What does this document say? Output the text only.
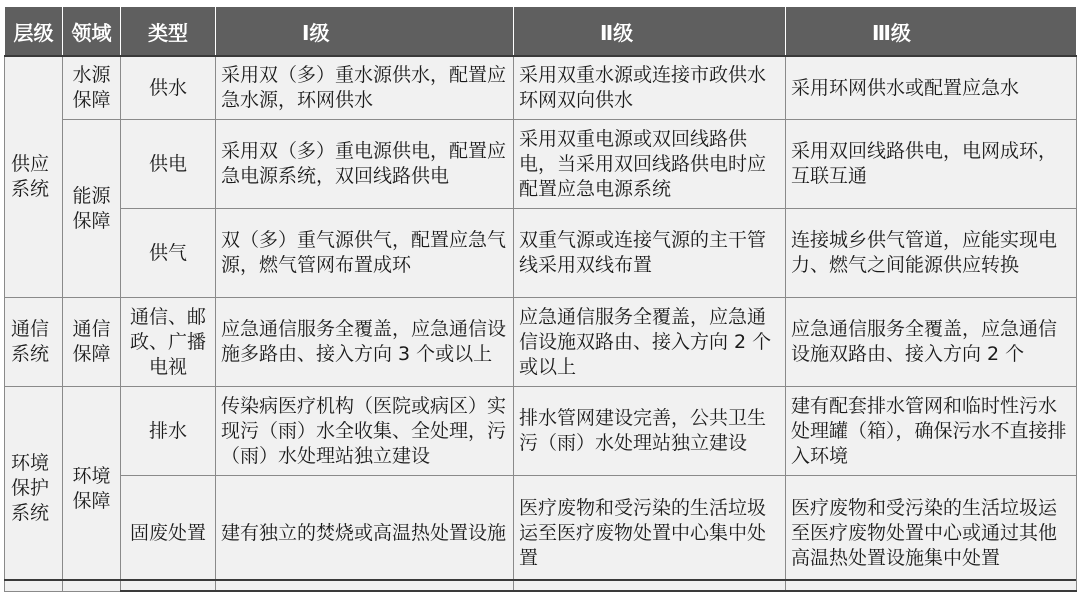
层级	领域	类型	Ⅰ级	Ⅱ级	Ⅲ级
供应系统	水源保障	供水	采用双（多）重水源供水，配置应急水源，环网供水	采用双重水源或连接市政供水环网双向供水	采用环网供水或配置应急水
	能源保障	供电	采用双（多）重电源供电，配置应急电源系统，双回线路供电	采用双重电源或双回线路供电，当采用双回线路供电时应配置应急电源系统	采用双回线路供电，电网成环，互联互通
		供气	双（多）重气源供气，配置应急气源，燃气管网布置成环	双重气源或连接气源的主干管线采用双线布置	连接城乡供气管道，应能实现电力、燃气之间能源供应转换
通信系统	通信保障	通信、邮政、广播电视	应急通信服务全覆盖，应急通信设施多路由、接入方向 3 个或以上	应急通信服务全覆盖，应急通信设施双路由、接入方向 2 个或以上	应急通信服务全覆盖，应急通信设施双路由、接入方向 2 个
环境保护系统	环境保障	排水	传染病医疗机构（医院或病区）实现污（雨）水全收集、全处理，污（雨）水处理站独立建设	排水管网建设完善，公共卫生污（雨）水处理站独立建设	建有配套排水管网和临时性污水处理罐（箱），确保污水不直接排入环境
		固废处置	建有独立的焚烧或高温热处置设施	医疗废物和受污染的生活垃圾运至医疗废物处置中心集中处置	医疗废物和受污染的生活垃圾运至医疗废物处置中心或通过其他高温热处置设施集中处置
